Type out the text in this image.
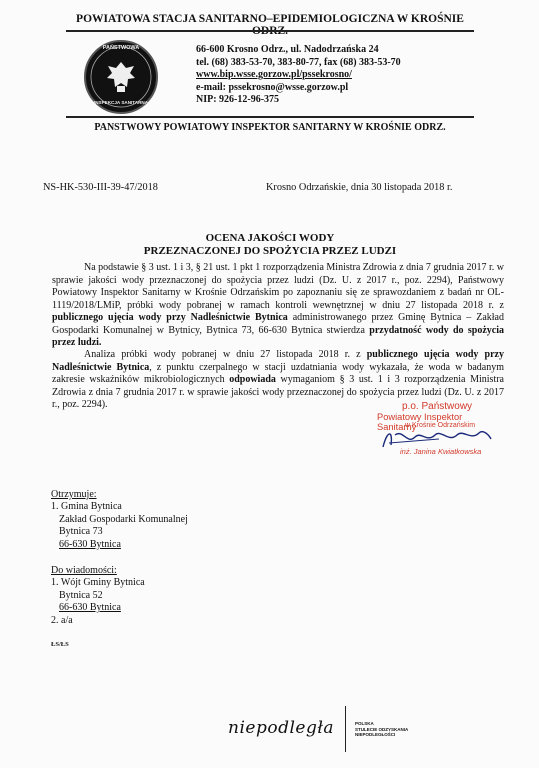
POWIATOWA STACJA SANITARNO–EPIDEMIOLOGICZNA W KROŚNIE
PAŃSTWOWA
INSPEKCJA SANITARNA
66-600 Krosno Odrz., ul. Nadodrzańska 24
tel. (68) 383-53-70, 383-80-77, fax (68) 383-53-70
www.bip.wsse.gorzow.pl/pssekrosno/
e-mail: pssekrosno@wsse.gorzow.pl
NIP: 926-12-96-375
PANSTWOWY POWIATOWY INSPEKTOR SANITARNY W KROŚNIE ODRZ.
NS-HK-530-III-39-47/2018	Krosno Odrzańskie, dnia 30 listopada 2018 r.
OCENA JAKOŚCI WODY
PRZEZNACZONEJ DO SPOŻYCIA PRZEZ LUDZI

Na podstawie § 3 ust. 1 i 3, § 21 ust. 1 pkt 1 rozporządzenia Ministra Zdrowia z dnia 7 grudnia 2017 r. w sprawie jakości wody przeznaczonej do spożycia przez ludzi (Dz. U. z 2017 r., poz. 2294), Państwowy Powiatowy Inspektor Sanitarny w Krośnie Odrzańskim po zapoznaniu się ze sprawozdaniem z badań nr OL-1119/2018/LMiP, próbki wody pobranej w ramach kontroli wewnętrznej w dniu 27 listopada 2018 r. z publicznego ujęcia wody przy Nadleśnictwie Bytnica administrowanego przez Gminę Bytnica – Zakład Gospodarki Komunalnej w Bytnicy, Bytnica 73, 66-630 Bytnica stwierdza przydatność wody do spożycia przez ludzi.

Analiza próbki wody pobranej w dniu 27 listopada 2018 r. z publicznego ujęcia wody przy Nadleśnictwie Bytnica, z punktu czerpalnego w stacji uzdatniania wody wykazała, że woda w badanym zakresie wskaźników mikrobiologicznych odpowiada wymaganiom § 3 ust. 1 i 3 rozporządzenia Ministra Zdrowia z dnia 7 grudnia 2017 r. w sprawie jakości wody przeznaczonej do spożycia przez ludzi (Dz. U. z 2017 r., poz. 2294).	p.o. Państwowy
Powiatowy Inspektor Sanitarny
w Krośnie Odrzańskim
inż. Janina Kwiatkowska
Otrzymuje:
1. Gmina Bytnica
Zakład Gospodarki Komunalnej
Bytnica 73
66-630 Bytnica
Do wiadomości:
1. Wójt Gminy Bytnica
Bytnica 52
66-630 Bytnica
2. a/a
ŁS/ŁS
niepodległa	POLSKA
STULECIE ODZYSKANIA
NIEPODLEGŁOŚCI
